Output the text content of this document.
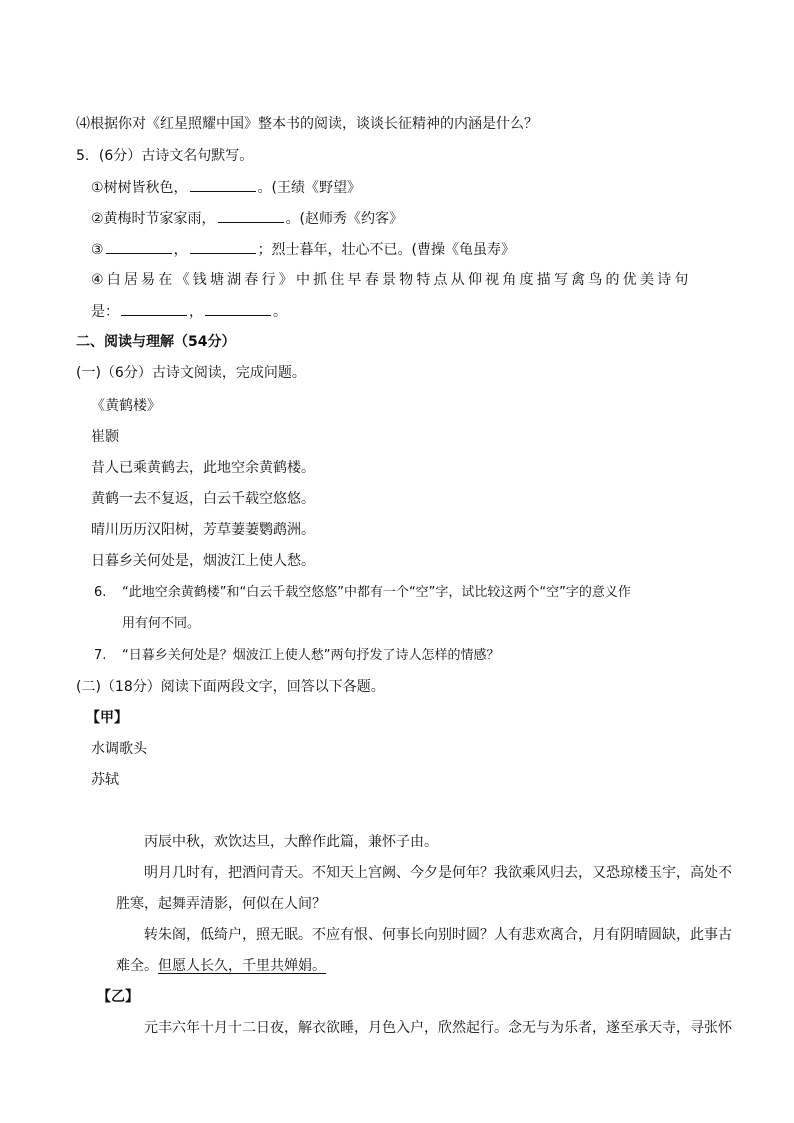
⑷根据你对《红星照耀中国》整本书的阅读，谈谈长征精神的内涵是什么？
5．(6分）古诗文名句默写。
①树树皆秋色，	。(王绩《野望》
②黄梅时节家家雨，	。(赵师秀《约客》
③	，	；烈士暮年，壮心不已。(曹操《龟虽寿》
④白居易在《钱塘湖春行》中抓住早春景物特点从仰视角度描写禽鸟的优美诗句
是：	，	。
二、阅读与理解（54分）
(一)（6分）古诗文阅读，完成问题。
《黄鹤楼》
崔颢
昔人已乘黄鹤去，此地空余黄鹤楼。
黄鹤一去不复返，白云千载空悠悠。
晴川历历汉阳树，芳草萋萋鹦鹉洲。
日暮乡关何处是，烟波江上使人愁。
6. “此地空余黄鹤楼”和“白云千载空悠悠”中都有一个“空”字，试比较这两个“空”字的意义作
用有何不同。
7. “日暮乡关何处是？烟波江上使人愁”两句抒发了诗人怎样的情感？
(二)（18分）阅读下面两段文字，回答以下各题。
【甲】
水调歌头
苏轼
丙辰中秋，欢饮达旦，大醉作此篇，兼怀子由。
明月几时有，把酒问青天。不知天上宫阙、今夕是何年？我欲乘风归去，又恐琼楼玉宇，高处不
胜寒，起舞弄清影，何似在人间？
转朱阁，低绮户，照无眠。不应有恨、何事长向别时圆？人有悲欢离合，月有阴晴圆缺，此事古
难全。但愿人长久，千里共婵娟。
【乙】
元丰六年十月十二日夜，解衣欲睡，月色入户，欣然起行。念无与为乐者，遂至承天寺，寻张怀
